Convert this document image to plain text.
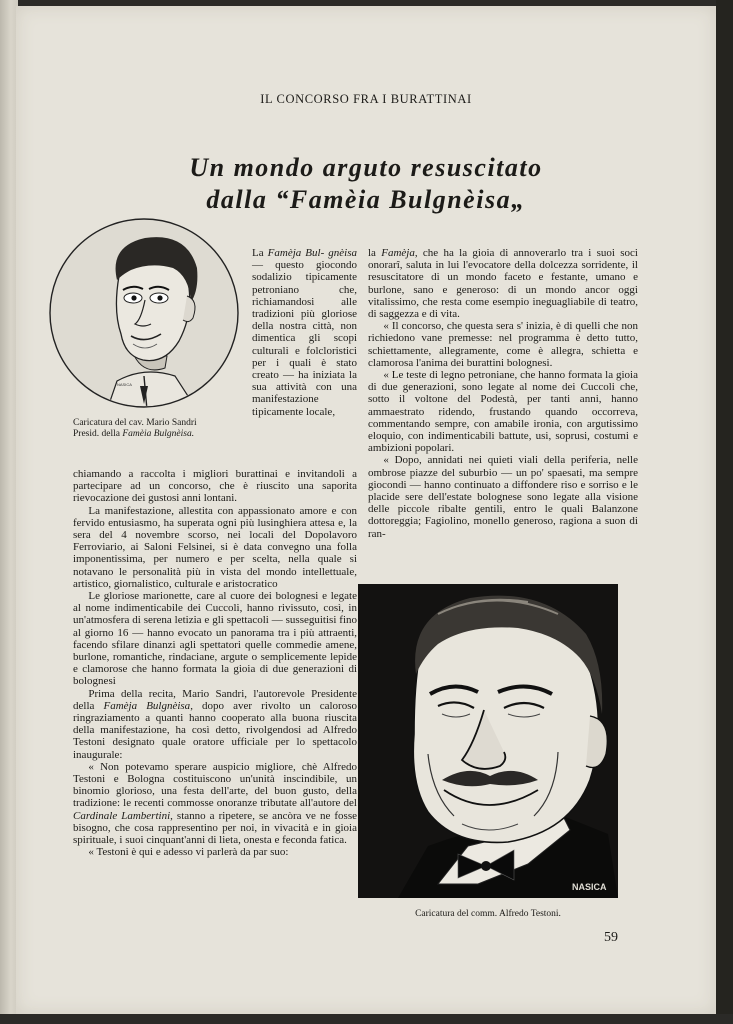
IL CONCORSO FRA I BURATTINAI
Un mondo arguto resuscitato
dalla “Famèia Bulgnèisa„
NASICA
Caricatura del cav. Mario Sandri
Presid. della Famèia Bulgnèisa.
La Famèja Bul- gnèisa — questo giocondo sodalizio tipicamente petroniano che, richiamandosi alle tradizioni più gloriose della nostra città, non dimentica gli scopi culturali e folcloristici per i quali è stato creato — ha iniziata la sua attività con una manifestazione tipicamente locale,

chiamando a raccolta i migliori burattinai e invitandoli a partecipare ad un concorso, che è riuscito una saporita rievocazione dei gustosi anni lontani.

La manifestazione, allestita con appassionato amore e con fervido entusiasmo, ha superata ogni più lusinghiera attesa e, la sera del 4 novembre scorso, nei locali del Dopolavoro Ferroviario, ai Saloni Felsinei, si è data convegno una folla imponentissima, per numero e per scelta, nella quale si notavano le personalità più in vista del mondo intellettuale, artistico, giornalistico, culturale e aristocratico

Le gloriose marionette, care al cuore dei bolognesi e legate al nome indimenticabile dei Cuccoli, hanno rivissuto, così, in un'atmosfera di serena letizia e gli spettacoli — susseguitisi fino al giorno 16 — hanno evocato un panorama tra i più attraenti, facendo sfilare dinanzi agli spettatori quelle commedie amene, burlone, romantiche, rindaciane, argute o semplicemente lepide e clamorose che hanno formata la gioia di due generazioni di bolognesi

Prima della recita, Mario Sandri, l'autorevole Presidente della Famèja Bulgnèisa, dopo aver rivolto un caloroso ringraziamento a quanti hanno cooperato alla buona riuscita della manifestazione, ha così detto, rivolgendosi ad Alfredo Testoni designato quale oratore ufficiale per lo spettacolo inaugurale:

« Non potevamo sperare auspicio migliore, chè Alfredo Testoni e Bologna costituiscono un'unità inscindibile, un binomio glorioso, una festa dell'arte, del buon gusto, della tradizione: le recenti commosse onoranze tributate all'autore del Cardinale Lambertini, stanno a ripetere, se ancòra ve ne fosse bisogno, che cosa rappresentino per noi, in vivacità e in gioia spirituale, i suoi cinquant'anni di lieta, onesta e feconda fatica.

« Testoni è qui e adesso vi parlerà da par suo:

la Famèja, che ha la gioia di annoverarlo tra i suoi soci onorarî, saluta in lui l'evocatore della dolcezza sorridente, il resuscitatore di un mondo faceto e festante, umano e burlone, sano e generoso: di un mondo ancor oggi vitalissimo, che resta come esempio ineguagliabile di teatro, di saggezza e di vita.

« Il concorso, che questa sera s' inizia, è di quelli che non richiedono vane premesse: nel programma è detto tutto, schiettamente, allegramente, come è allegra, schietta e clamorosa l'anima dei burattini bolognesi.

« Le teste di legno petroniane, che hanno formata la gioia di due generazioni, sono legate al nome dei Cuccoli che, sotto il voltone del Podestà, per tanti anni, hanno ammaestrato ridendo, frustando quando occorreva, commentando sempre, con amabile ironia, con argutissimo eloquio, con indimenticabili battute, usi, soprusi, costumi e ambizioni popolari.

« Dopo, annidati nei quieti viali della periferia, nelle ombrose piazze del suburbio — un po' spaesati, ma sempre giocondi — hanno continuato a diffondere riso e sorriso e le placide sere dell'estate bolognese sono legate alla visione delle piccole ribalte gentili, entro le quali Balanzone dottoreggia; Fagiolino, monello generoso, ragiona a suon di ran-

NASICA
Caricatura del comm. Alfredo Testoni.
59
